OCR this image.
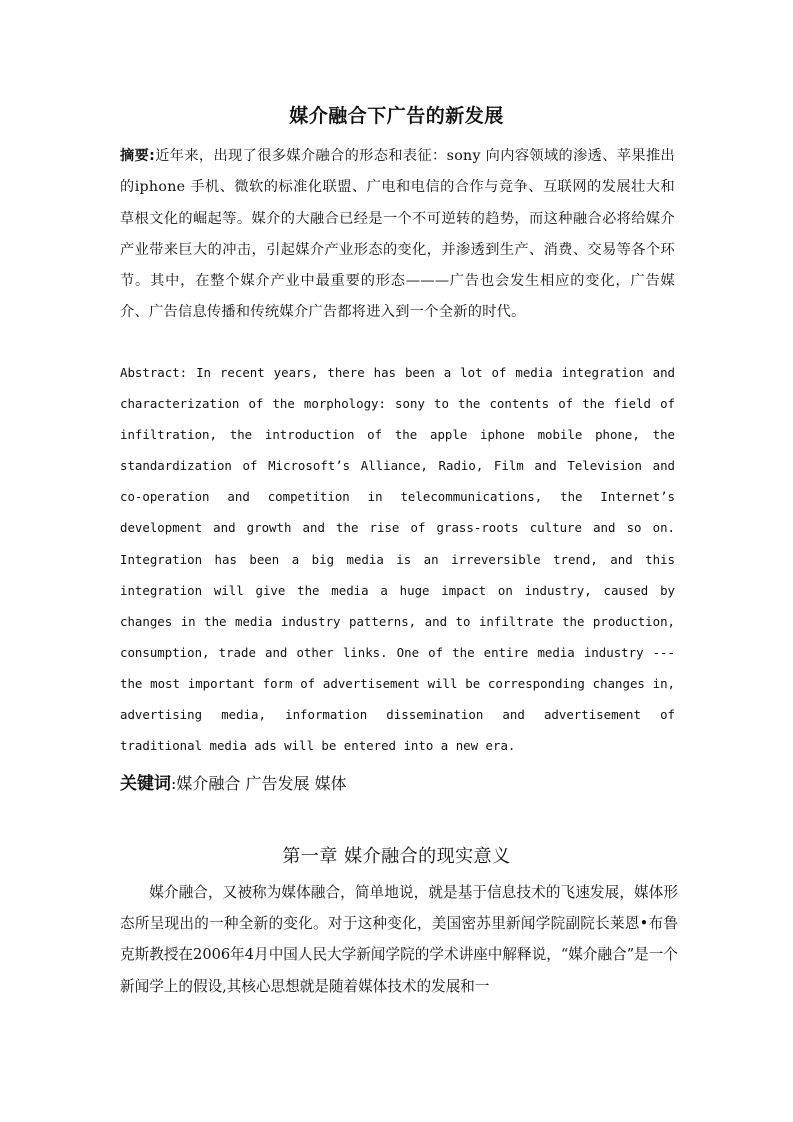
媒介融合下广告的新发展
摘要:近年来，出现了很多媒介融合的形态和表征：sony 向内容领域的渗透、苹果推出的iphone 手机、微软的标准化联盟、广电和电信的合作与竞争、互联网的发展壮大和草根文化的崛起等。媒介的大融合已经是一个不可逆转的趋势，而这种融合必将给媒介产业带来巨大的冲击，引起媒介产业形态的变化，并渗透到生产、消费、交易等各个环节。其中，在整个媒介产业中最重要的形态———广告也会发生相应的变化，广告媒介、广告信息传播和传统媒介广告都将进入到一个全新的时代。
Abstract: In recent years, there has been a lot of media integration and characterization of the morphology: sony to the contents of the field of infiltration, the introduction of the apple iphone mobile phone, the standardization of Microsoft’s Alliance, Radio, Film and Television and co-operation and competition in telecommunications, the Internet’s development and growth and the rise of grass-roots culture and so on. Integration has been a big media is an irreversible trend, and this integration will give the media a huge impact on industry, caused by changes in the media industry patterns, and to infiltrate the production, consumption, trade and other links. One of the entire media industry --- the most important form of advertisement will be corresponding changes in, advertising media, information dissemination and advertisement of traditional media ads will be entered into a new era.
关键词:媒介融合 广告发展 媒体
第一章 媒介融合的现实意义
媒介融合，又被称为媒体融合，简单地说，就是基于信息技术的飞速发展，媒体形态所呈现出的一种全新的变化。对于这种变化，美国密苏里新闻学院副院长莱恩•布鲁克斯教授在2006年4月中国人民大学新闻学院的学术讲座中解释说，“媒介融合”是一个新闻学上的假设,其核心思想就是随着媒体技术的发展和一
